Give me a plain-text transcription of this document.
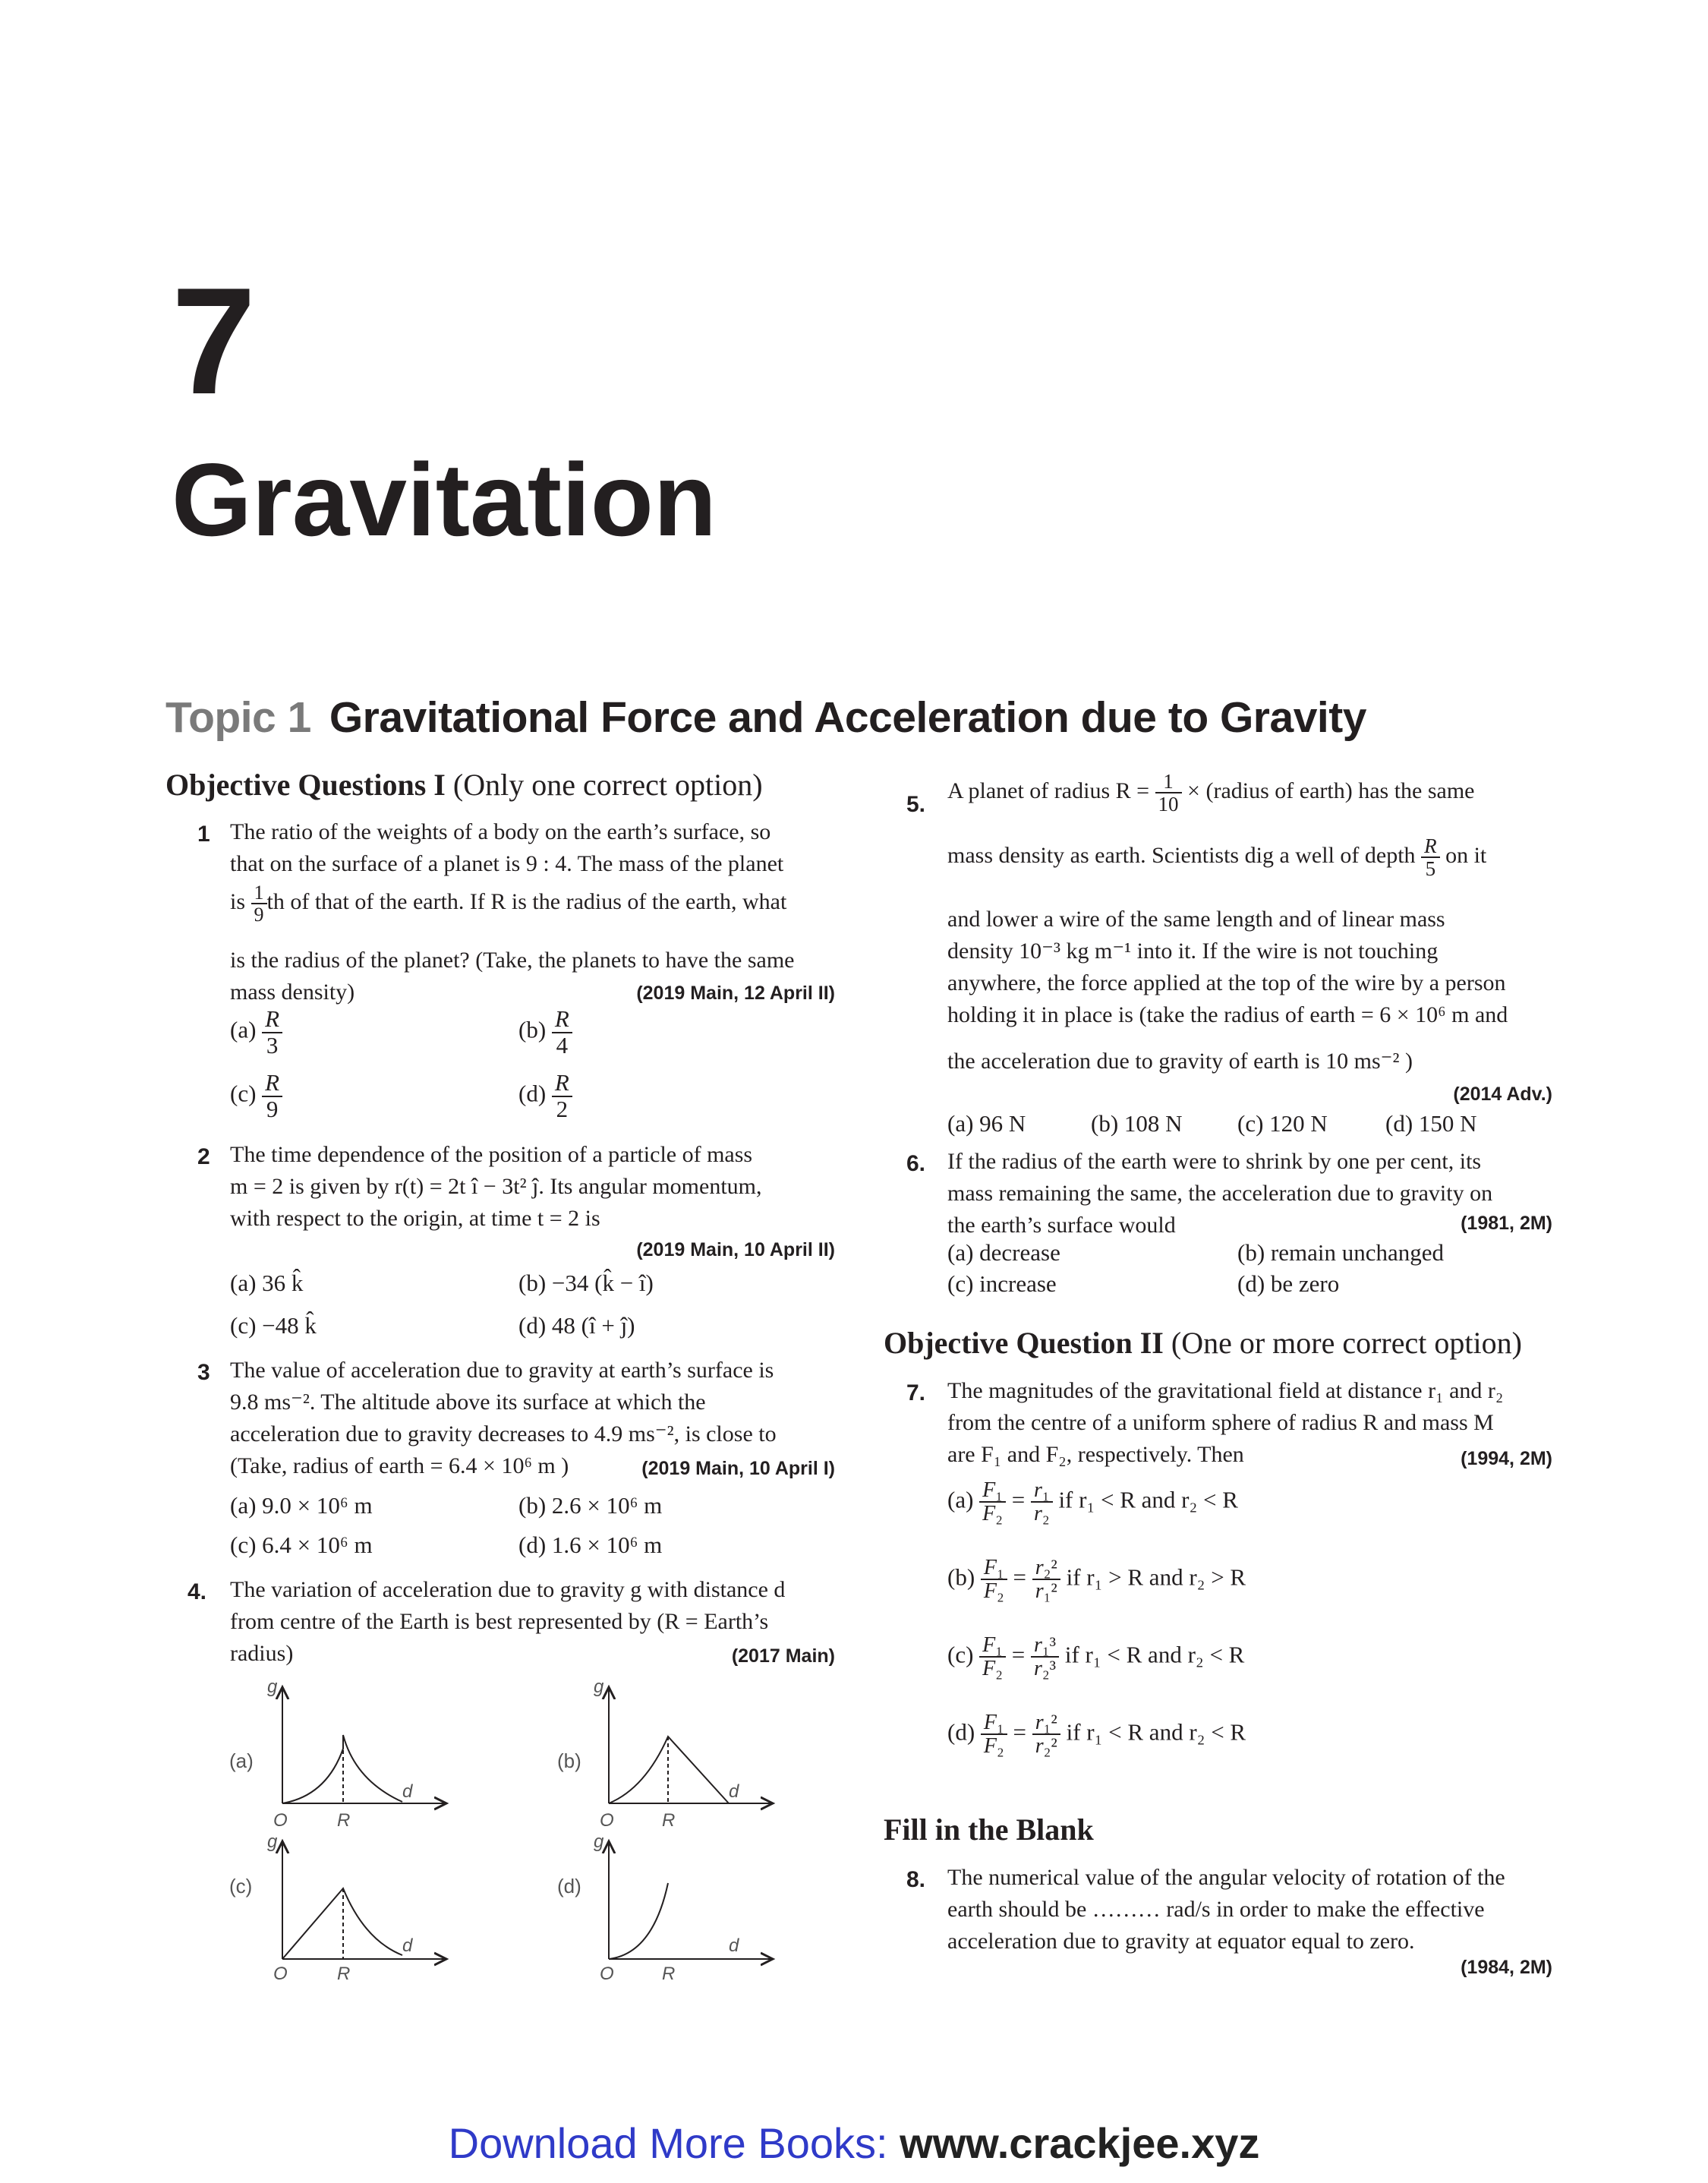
7
Gravitation
Topic 1 Gravitational Force and Acceleration due to Gravity
Objective Questions I (Only one correct option)
1 The ratio of the weights of a body on the earth’s surface, so
that on the surface of a planet is 9 : 4. The mass of the planet
is $\frac{1}{9}$ th of that of the earth. If R is the radius of the earth, what
is the radius of the planet? (Take, the planets to have the same
mass density)	(2019 Main, 12 April II)
$(a) \frac{R}{3}$	$(b) \frac{R}{4}$
$(c) \frac{R}{9}$	$(d) \frac{R}{2}$
2 The time dependence of the position of a particle of mass
m = 2 is given by r(t) = 2t î − 3t² ĵ. Its angular momentum,
with respect to the origin, at time t = 2 is
(2019 Main, 10 April II)
(a) 36 k̂	(b) −34 (k̂ − î)
(c) −48 k̂	(d) 48 (î + ĵ)
3 The value of acceleration due to gravity at earth’s surface is
9.8 ms⁻². The altitude above its surface at which the
acceleration due to gravity decreases to 4.9 ms⁻², is close to
(Take, radius of earth = 6.4 × 10⁶ m )	(2019 Main, 10 April I)
(a) 9.0 × 10⁶ m	(b) 2.6 × 10⁶ m
(c) 6.4 × 10⁶ m	(d) 1.6 × 10⁶ m
4. The variation of acceleration due to gravity g with distance d
from centre of the Earth is best represented by (R = Earth’s
radius)	(2017 Main)
g
d
O	R
g
d
O	R
g
d
O	R
g
d
O	R
(a)	(b)
(c)	(d)
5.
A planet of radius $R = \frac{1}{10}$ × (radius of earth) has the same
mass density as earth. Scientists dig a well of depth $\frac{R}{5}$ on it
and lower a wire of the same length and of linear mass
density 10⁻³ kg m⁻¹ into it. If the wire is not touching
anywhere, the force applied at the top of the wire by a person
holding it in place is (take the radius of earth = 6 × 10⁶ m and
the acceleration due to gravity of earth is 10 ms⁻² )
(2014 Adv.)
(a) 96 N	(b) 108 N (c) 120 N (d) 150 N
6. If the radius of the earth were to shrink by one per cent, its
mass remaining the same, the acceleration due to gravity on
the earth’s surface would	(1981, 2M)
(a) decrease	(b) remain unchanged
(c) increase	(d) be zero
Objective Question II (One or more correct option)
7. The magnitudes of the gravitational field at distance r₁ and r₂
from the centre of a uniform sphere of radius R and mass M
are F₁ and F₂, respectively. Then	(1994, 2M)
$(a) \frac{\text{F₁}}{\text{F₂}} = \frac{\text{r₁}}{\text{r₂}}$ if r₁ < R and r₂ < R
$(b) \frac{\text{F₁}}{\text{F₂}} = \frac{\text{r₂²}}{\text{r₁²}}$ if r₁ > R and r₂ > R
$(c) \frac{\text{F₁}}{\text{F₂}} = \frac{\text{r₁³}}{\text{r₂³}}$ if r₁ < R and r₂ < R
$(d) \frac{\text{F₁}}{\text{F₂}} = \frac{\text{r₁²}}{\text{r₂²}}$ if r₁ < R and r₂ < R
Fill in the Blank
8. The numerical value of the angular velocity of rotation of the
earth should be ……… rad/s in order to make the effective
acceleration due to gravity at equator equal to zero.
(1984, 2M)
Download More Books: www.crackjee.xyz
